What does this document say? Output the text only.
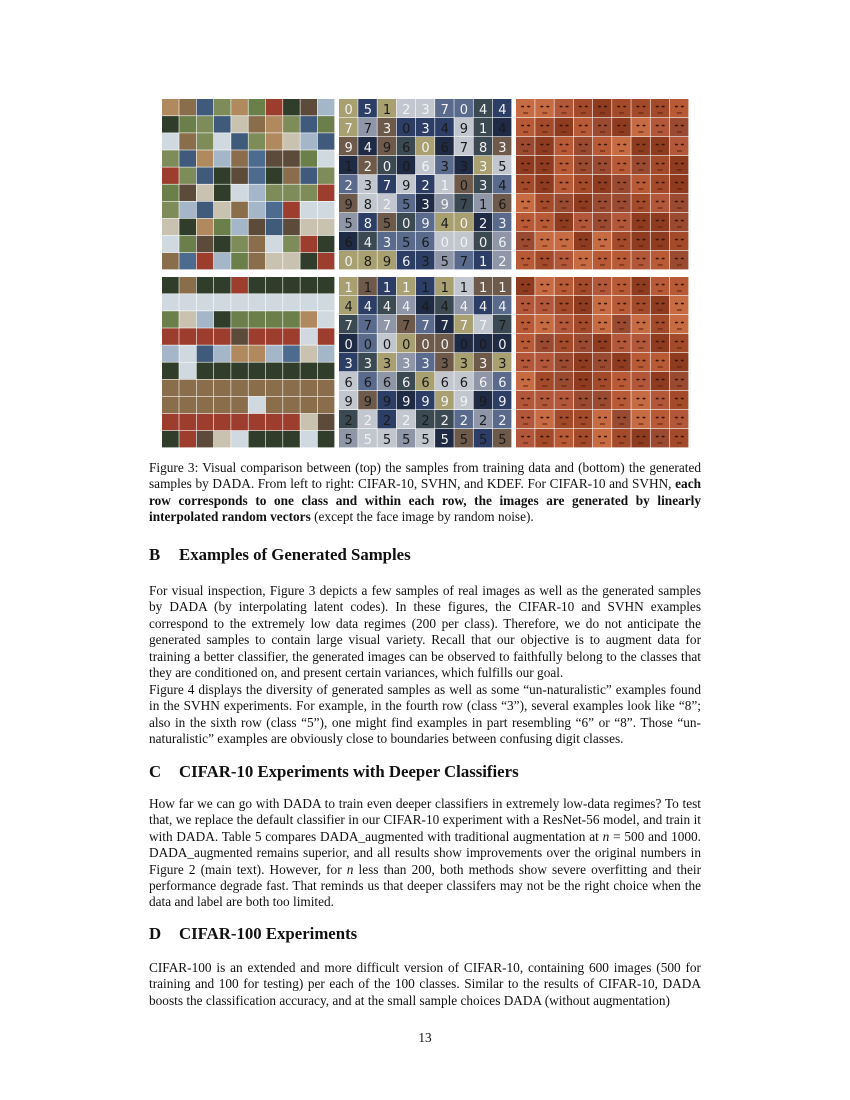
0 5 1 2 3 7 0 4 4
7 7 3 0 3 4 9 1 4
9 4 9 6 0 6 7 8 3
1 2 0 0 6 3 3 3 5
2 3 7 9 2 1 0 3 4
9 8 2 5 3 9 7 1 6
5 8 5 0 9 4 0 2 3
6 4 3 5 6 0 0 0 6
0 8 9 6 3 5 7 1 2
1 1 1 1 1 1 1 1 1
4 4 4 4 4 4 4 4 4
7 7 7 7 7 7 7 7 7
0 0 0 0 0 0 0 0 0
3 3 3 3 3 3 3 3 3
6 6 6 6 6 6 6 6 6
9 9 9 9 9 9 9 9 9
2 2 2 2 2 2 2 2 2
5 5 5 5 5 5 5 5 5
Figure 3: Visual comparison between (top) the samples from training data and (bottom) the generated samples by DADA. From left to right: CIFAR-10, SVHN, and KDEF. For CIFAR-10 and SVHN, each row corresponds to one class and within each row, the images are generated by linearly interpolated random vectors (except the face image by random noise).
B Examples of Generated Samples

For visual inspection, Figure 3 depicts a few samples of real images as well as the generated samples by DADA (by interpolating latent codes). In these figures, the CIFAR-10 and SVHN examples correspond to the extremely low data regimes (200 per class). Therefore, we do not anticipate the generated samples to contain large visual variety. Recall that our objective is to augment data for training a better classifier, the generated images can be observed to faithfully belong to the classes that they are conditioned on, and present certain variances, which fulfills our goal.

Figure 4 displays the diversity of generated samples as well as some “un-naturalistic” examples found in the SVHN experiments. For example, in the fourth row (class “3”), several examples look like “8”; also in the sixth row (class “5”), one might find examples in part resembling “6” or “8”. Those “un-naturalistic” examples are obviously close to boundaries between confusing digit classes.

C CIFAR-10 Experiments with Deeper Classifiers

How far we can go with DADA to train even deeper classifiers in extremely low-data regimes? To test that, we replace the default classifier in our CIFAR-10 experiment with a ResNet-56 model, and train it with DADA. Table 5 compares DADA_augmented with traditional augmentation at n = 500 and 1000. DADA_augmented remains superior, and all results show improvements over the original numbers in Figure 2 (main text). However, for n less than 200, both methods show severe overfitting and their performance degrade fast. That reminds us that deeper classifers may not be the right choice when the data and label are both too limited.

D CIFAR-100 Experiments

CIFAR-100 is an extended and more difficult version of CIFAR-10, containing 600 images (500 for training and 100 for testing) per each of the 100 classes. Similar to the results of CIFAR-10, DADA boosts the classification accuracy, and at the small sample choices DADA (without augmentation)

13
